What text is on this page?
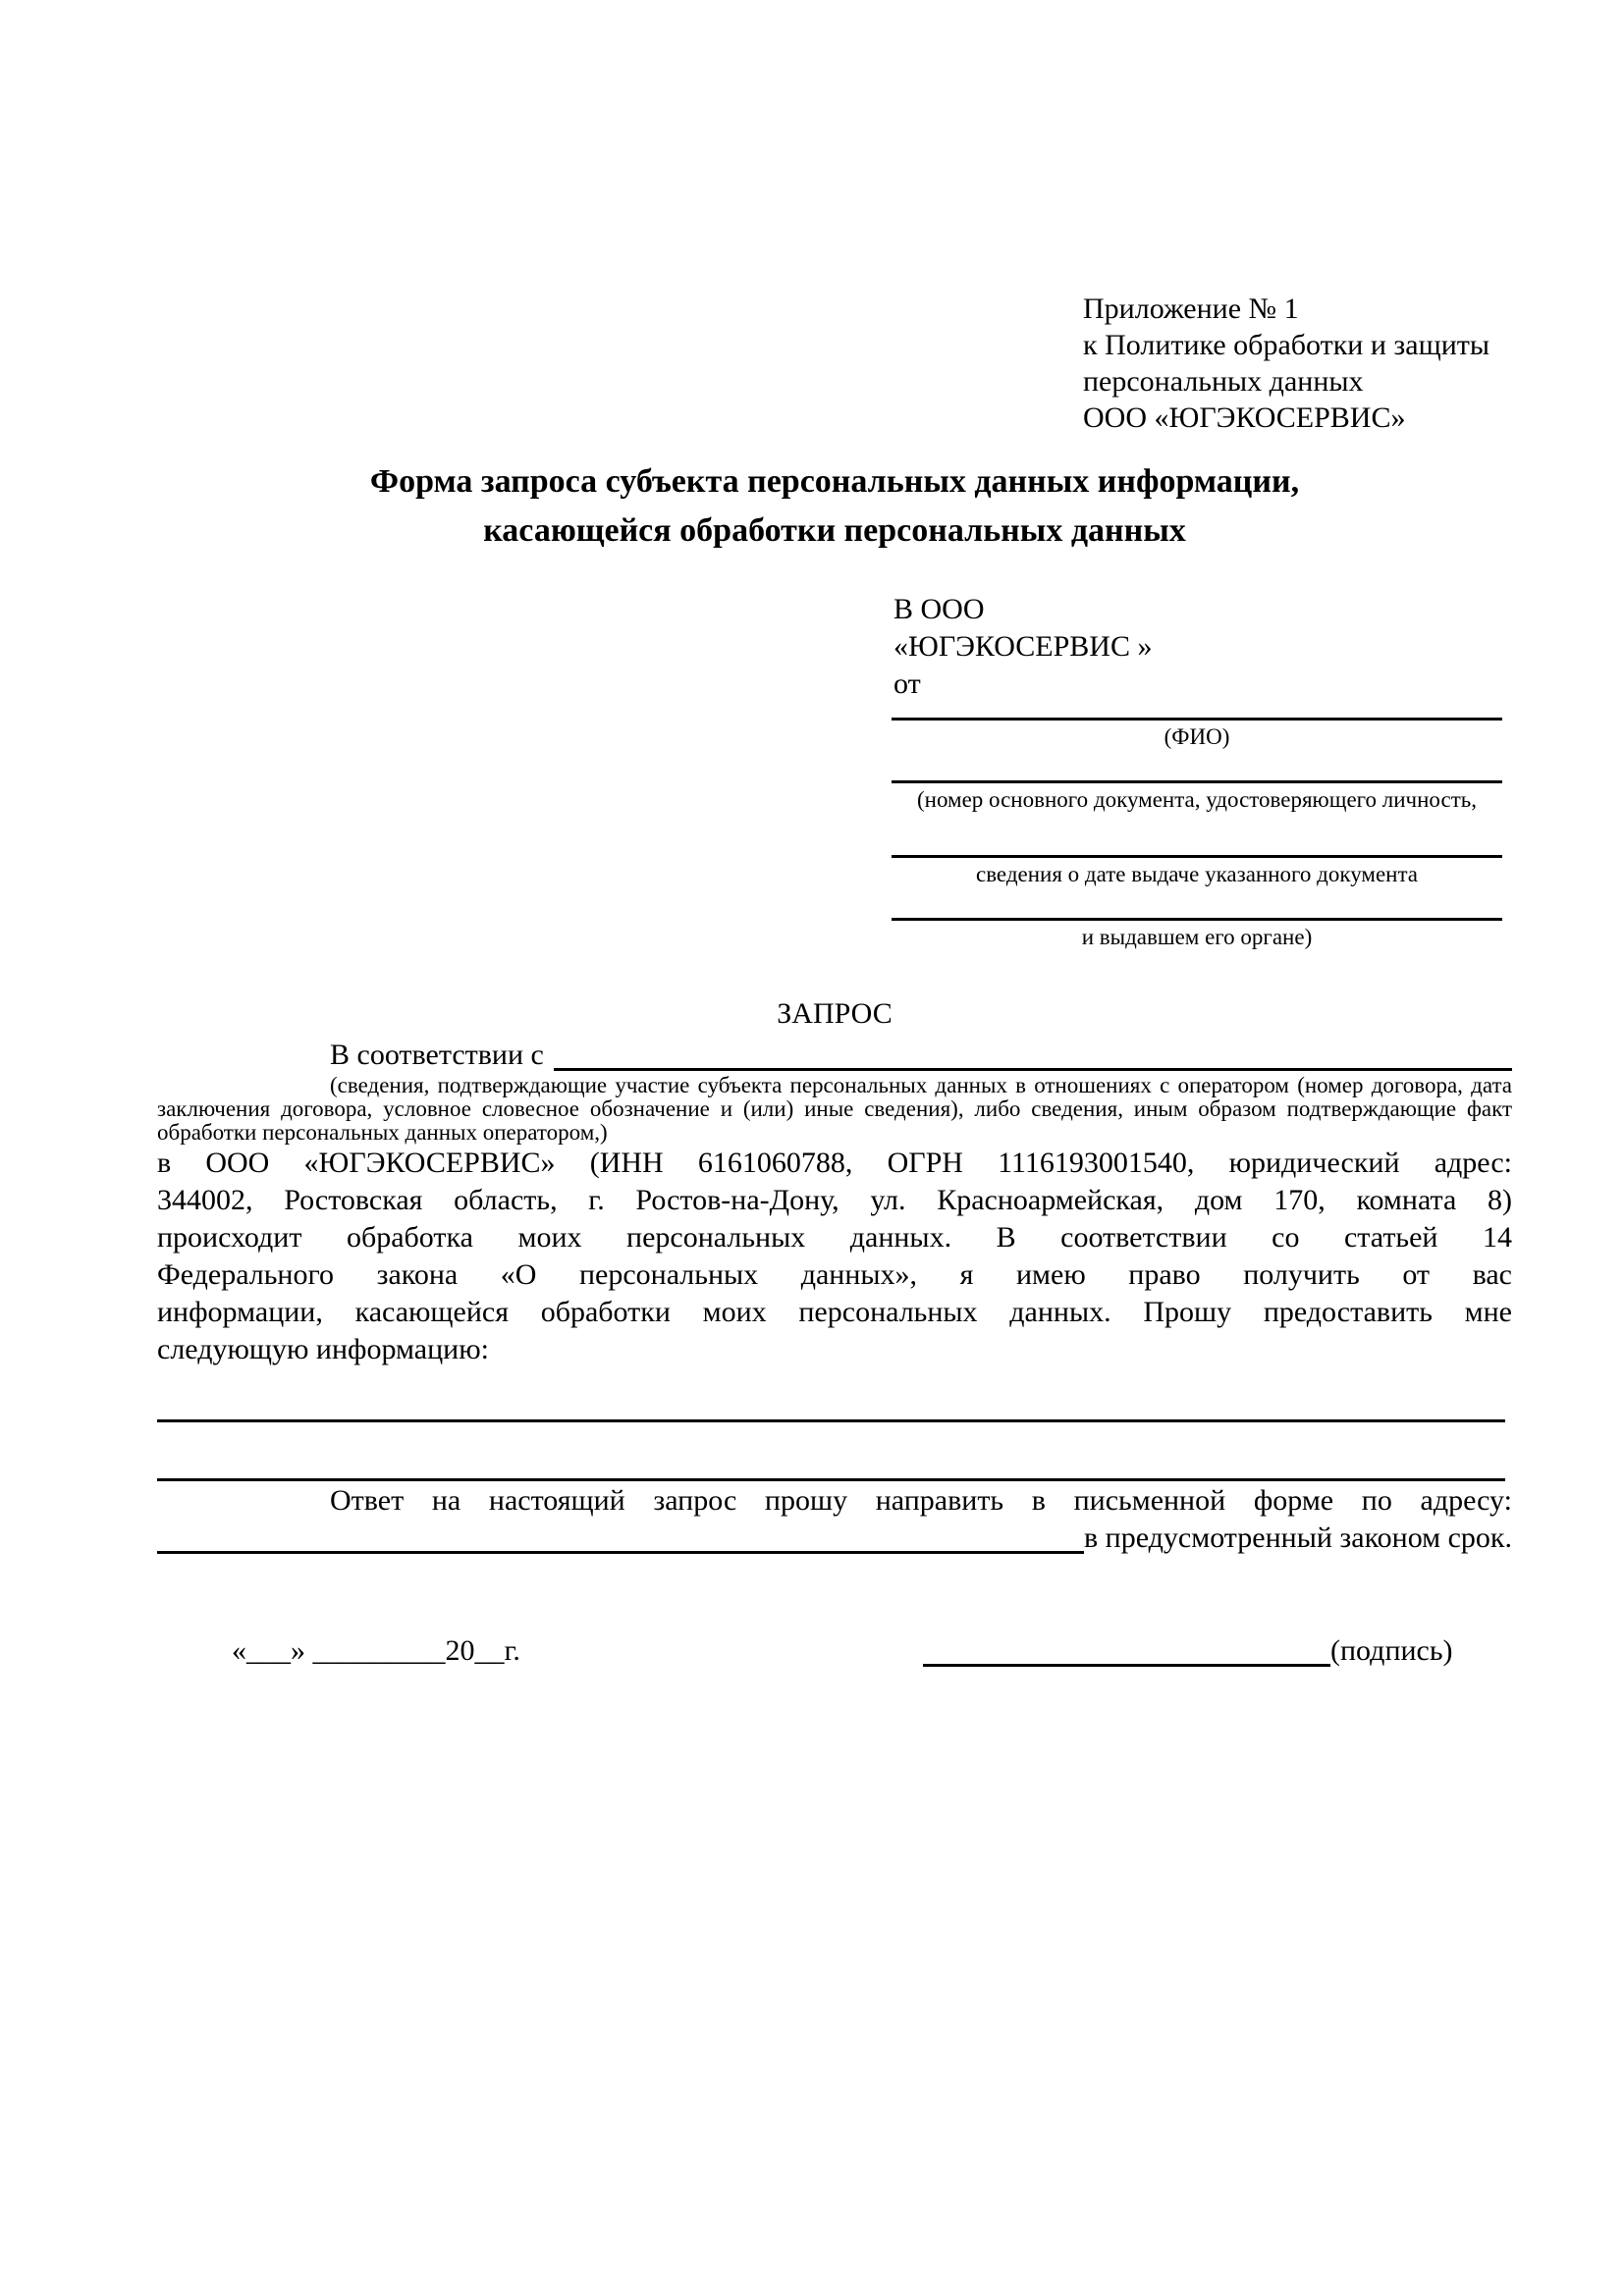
Приложение № 1
к Политике обработки и защиты
персональных данных
ООО «ЮГЭКОСЕРВИС»
Форма запроса субъекта персональных данных информации,
касающейся обработки персональных данных
В ООО
«ЮГЭКОСЕРВИС »
от
(ФИО)
(номер основного документа, удостоверяющего личность,
сведения о дате выдаче указанного документа
и выдавшем его органе)
ЗАПРОС
В соответствии с
(сведения, подтверждающие участие субъекта персональных данных в отношениях с оператором (номер договора, дата
заключения договора, условное словесное обозначение и (или) иные сведения), либо сведения, иным образом подтверждающие факт
обработки персональных данных оператором,)
в ООО «ЮГЭКОСЕРВИС» (ИНН 6161060788, ОГРН 1116193001540, юридический адрес:
344002, Ростовская область, г. Ростов-на-Дону, ул. Красноармейская, дом 170, комната 8)
происходит обработка моих персональных данных. В соответствии со статьей 14
Федерального закона «О персональных данных», я имею право получить от вас
информации, касающейся обработки моих персональных данных. Прошу предоставить мне
следующую информацию:
Ответ на настоящий запрос прошу направить в письменной форме по адресу:
в предусмотренный законом срок.
«___» _________20__г.	(подпись)
